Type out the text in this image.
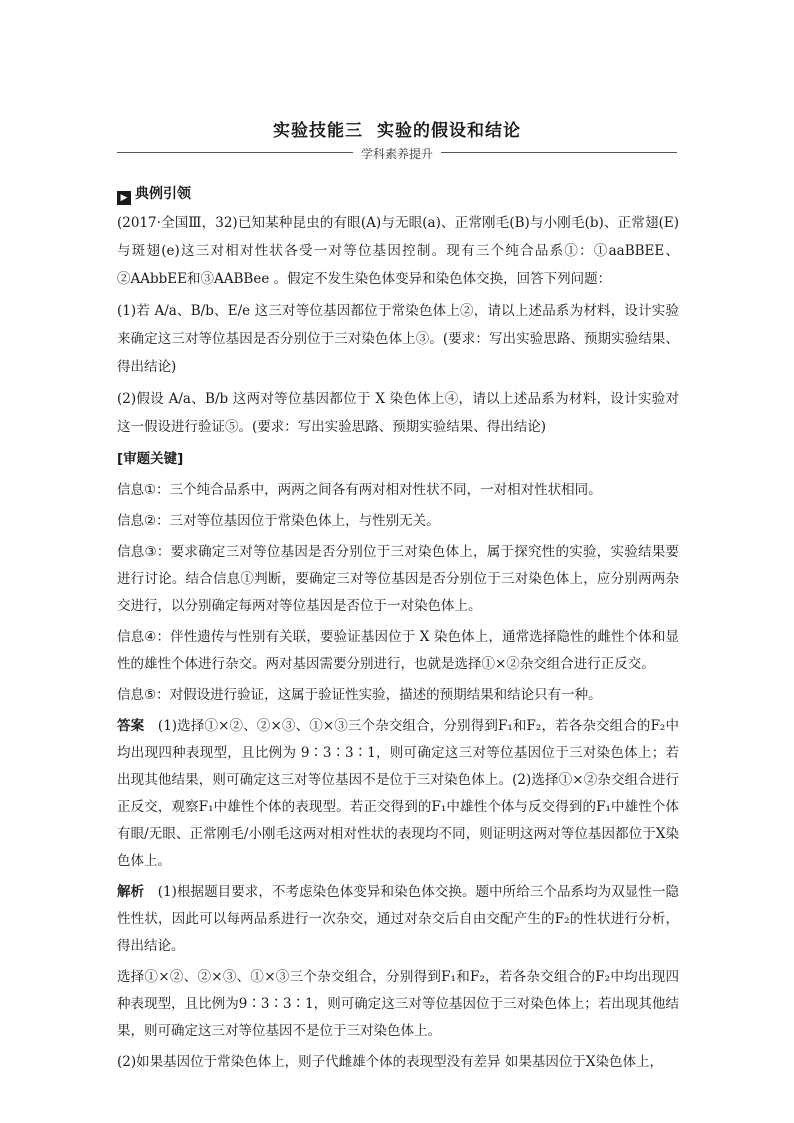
实验技能三 实验的假设和结论
学科素养提升
▶ 典例引领

(2017·全国Ⅲ，32)已知某种昆虫的有眼(A)与无眼(a)、正常刚毛(B)与小刚毛(b)、正常翅(E)与斑翅(e)这三对相对性状各受一对等位基因控制。现有三个纯合品系①：①aaBBEE、②AAbbEE和③AABBee 。假定不发生染色体变异和染色体交换，回答下列问题：

(1)若 A/a、B/b、E/e 这三对等位基因都位于常染色体上②，请以上述品系为材料，设计实验来确定这三对等位基因是否分别位于三对染色体上③。(要求：写出实验思路、预期实验结果、得出结论)

(2)假设 A/a、B/b 这两对等位基因都位于 X 染色体上④，请以上述品系为材料，设计实验对这一假设进行验证⑤。(要求：写出实验思路、预期实验结果、得出结论)

[审题关键]

信息①：三个纯合品系中，两两之间各有两对相对性状不同，一对相对性状相同。

信息②：三对等位基因位于常染色体上，与性别无关。

信息③：要求确定三对等位基因是否分别位于三对染色体上，属于探究性的实验，实验结果要进行讨论。结合信息①判断，要确定三对等位基因是否分别位于三对染色体上，应分别两两杂交进行，以分别确定每两对等位基因是否位于一对染色体上。

信息④：伴性遗传与性别有关联，要验证基因位于 X 染色体上，通常选择隐性的雌性个体和显性的雄性个体进行杂交。两对基因需要分别进行，也就是选择①×②杂交组合进行正反交。

信息⑤：对假设进行验证，这属于验证性实验，描述的预期结果和结论只有一种。

答案　 (1)选择①×②、②×③、①×③三个杂交组合，分别得到F₁和F₂，若各杂交组合的F₂中均出现四种表现型，且比例为 9∶3∶3∶1，则可确定这三对等位基因位于三对染色体上；若出现其他结果，则可确定这三对等位基因不是位于三对染色体上。(2)选择①×②杂交组合进行正反交，观察F₁中雄性个体的表现型。若正交得到的F₁中雄性个体与反交得到的F₁中雄性个体有眼/无眼、正常刚毛/小刚毛这两对相对性状的表现均不同，则证明这两对等位基因都位于X染色体上。

解析　 (1)根据题目要求，不考虑染色体变异和染色体交换。题中所给三个品系均为双显性一隐性性状，因此可以每两品系进行一次杂交，通过对杂交后自由交配产生的F₂的性状进行分析，得出结论。

选择①×②、②×③、①×③三个杂交组合，分别得到F₁和F₂，若各杂交组合的F₂中均出现四种表现型，且比例为9∶3∶3∶1，则可确定这三对等位基因位于三对染色体上；若出现其他结果，则可确定这三对等位基因不是位于三对染色体上。

(2)如果基因位于常染色体上，则子代雌雄个体的表现型没有差异 如果基因位于X染色体上，
